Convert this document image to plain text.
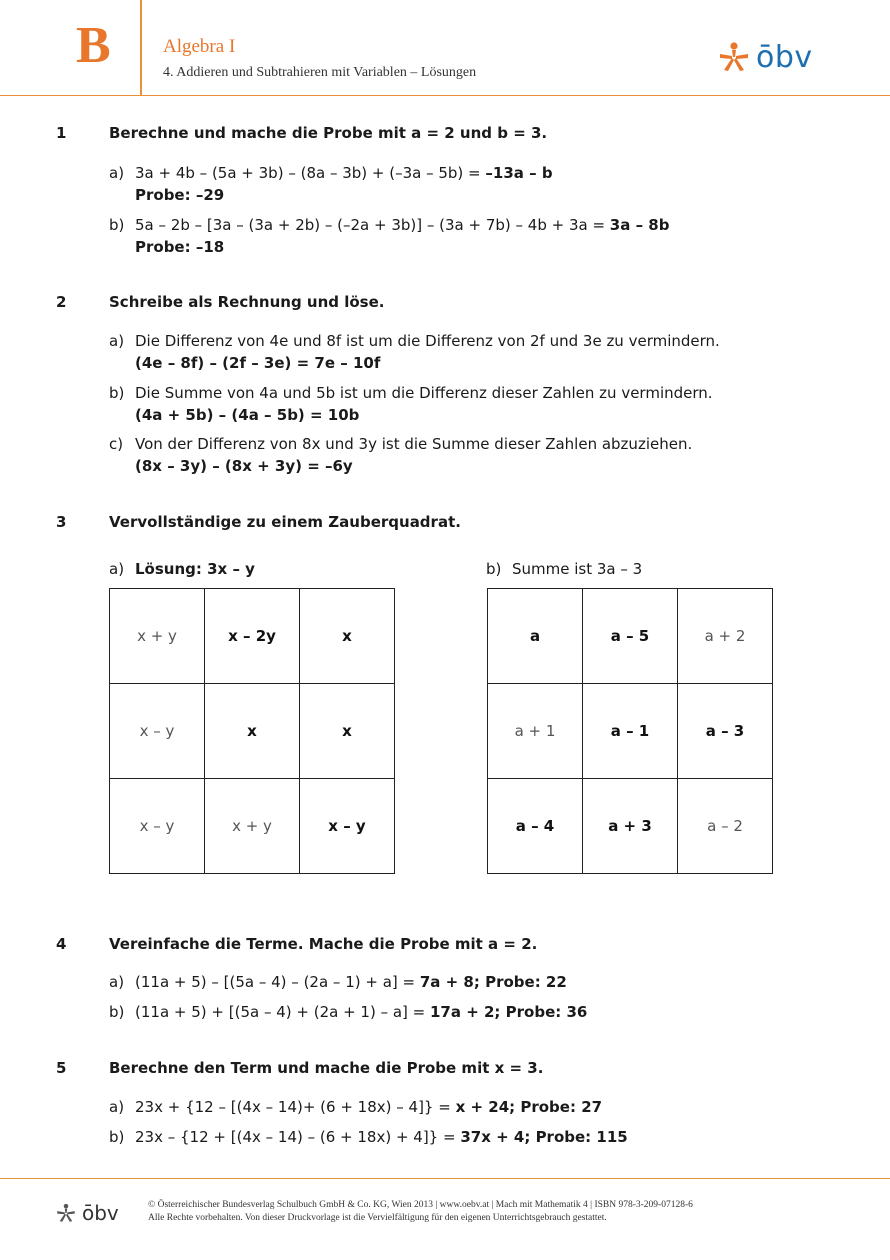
B	Algebra I
4. Addieren und Subtrahieren mit Variablen – Lösungen	ōbv
1	Berechne und mache die Probe mit a = 2 und b = 3.
a) 3a + 4b – (5a + 3b) – (8a – 3b) + (–3a – 5b) = –13a – b
Probe: –29
b) 5a – 2b – [3a – (3a + 2b) – (–2a + 3b)] – (3a + 7b) – 4b + 3a = 3a – 8b
Probe: –18
2	Schreibe als Rechnung und löse.
a) Die Differenz von 4e und 8f ist um die Differenz von 2f und 3e zu vermindern.
(4e – 8f) – (2f – 3e) = 7e – 10f
b) Die Summe von 4a und 5b ist um die Differenz dieser Zahlen zu vermindern.
(4a + 5b) – (4a – 5b) = 10b
c) Von der Differenz von 8x und 3y ist die Summe dieser Zahlen abzuziehen.
(8x – 3y) – (8x + 3y) = –6y
3	Vervollständige zu einem Zauberquadrat.
a) Lösung: 3x – y	b) Summe ist 3a – 3
x + y	x – 2y	x
x – y	x	x
x – y	x + y	x – y
a	a – 5	a + 2
a + 1	a – 1	a – 3
a – 4	a + 3	a – 2
4	Vereinfache die Terme. Mache die Probe mit a = 2.
a) (11a + 5) – [(5a – 4) – (2a – 1) + a] = 7a + 8; Probe: 22
b) (11a + 5) + [(5a – 4) + (2a + 1) – a] = 17a + 2; Probe: 36
5	Berechne den Term und mache die Probe mit x = 3.
a) 23x + {12 – [(4x – 14)+ (6 + 18x) – 4]} = x + 24; Probe: 27
b) 23x – {12 + [(4x – 14) – (6 + 18x) + 4]} = 37x + 4; Probe: 115
ōbv	© Österreichischer Bundesverlag Schulbuch GmbH & Co. KG, Wien 2013 | www.oebv.at | Mach mit Mathematik 4 | ISBN 978-3-209-07128-6
Alle Rechte vorbehalten. Von dieser Druckvorlage ist die Vervielfältigung für den eigenen Unterrichtsgebrauch gestattet.
